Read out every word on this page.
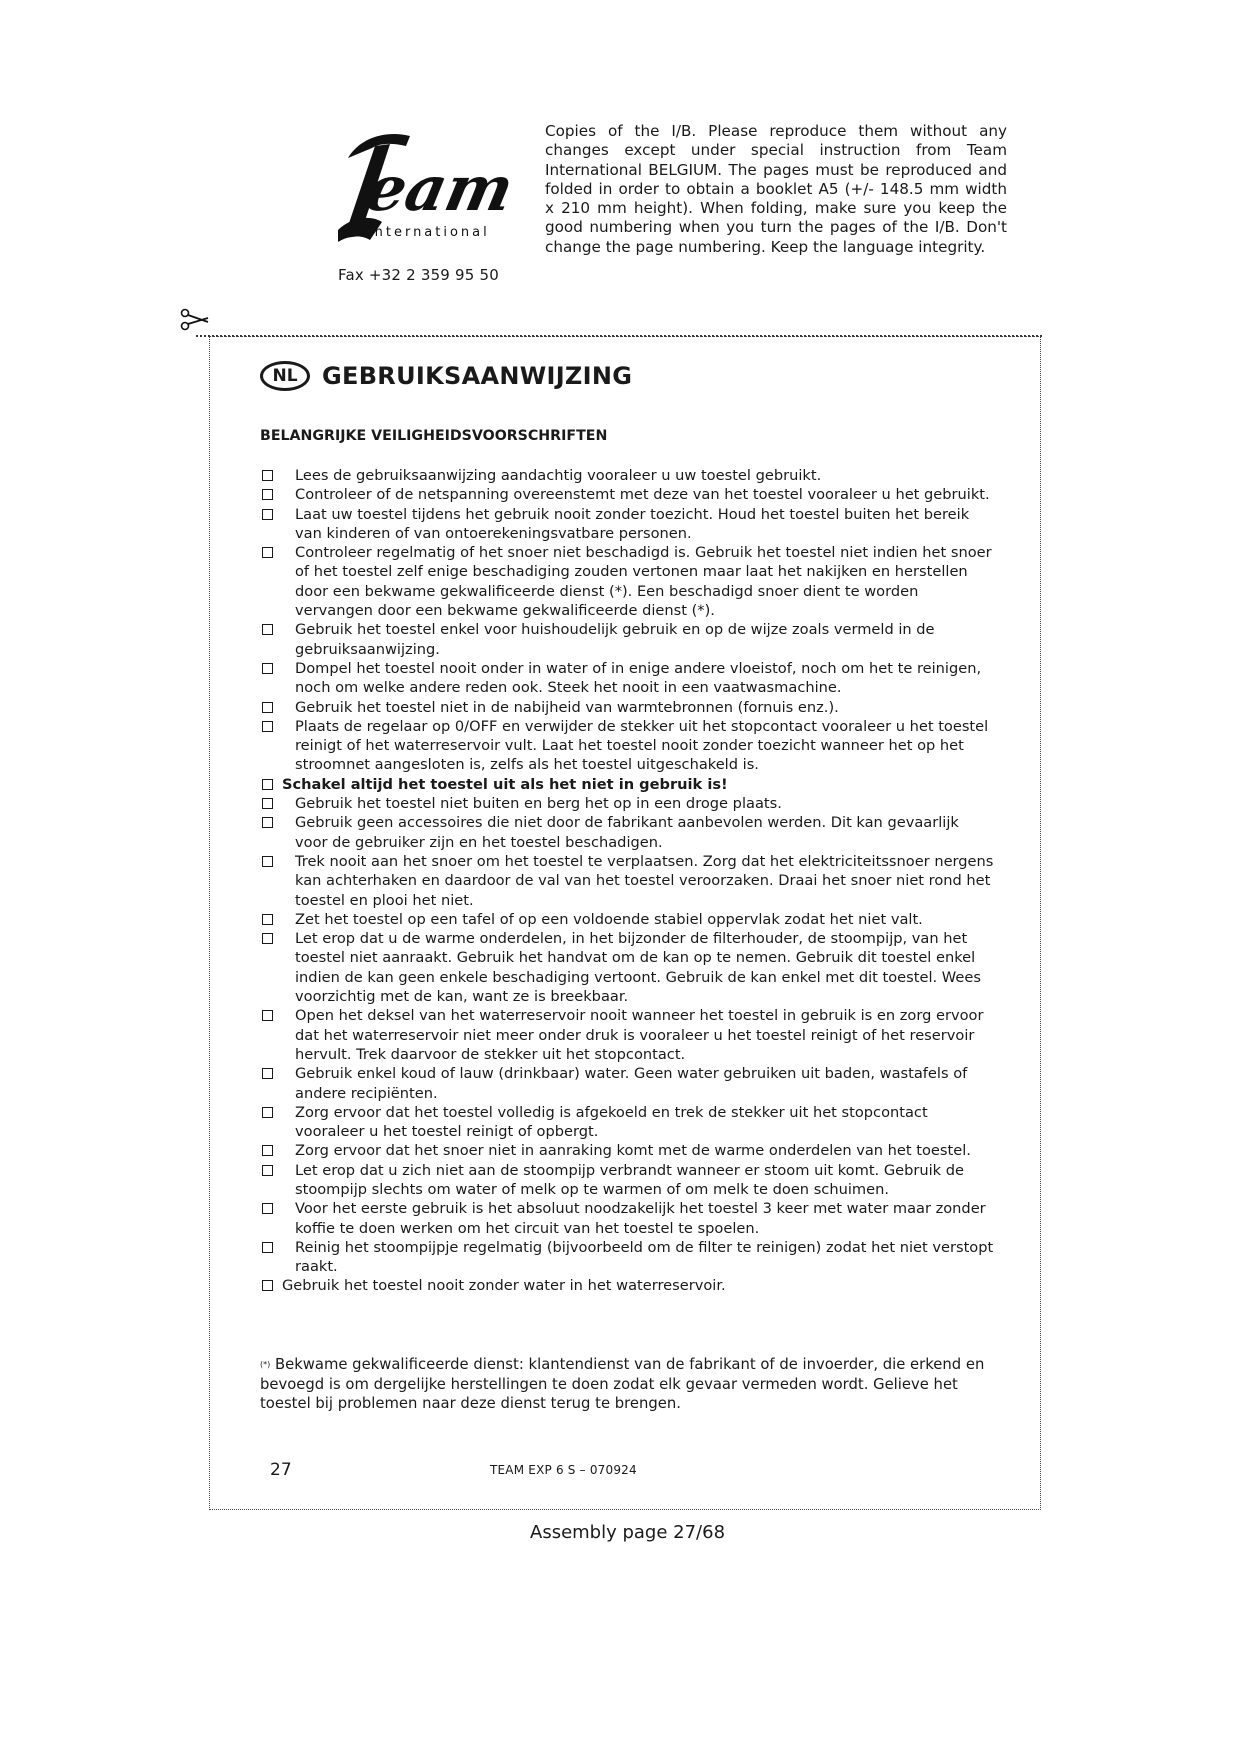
eam
international
Fax +32 2 359 95 50
Copies of the I/B. Please reproduce them without any changes except under special instruction from Team International BELGIUM. The pages must be reproduced and folded in order to obtain a booklet A5 (+/- 148.5 mm width x 210 mm height). When folding, make sure you keep the good numbering when you turn the pages of the I/B. Don't change the page numbering. Keep the language integrity.
NL	GEBRUIKSAANWIJZING
BELANGRIJKE VEILIGHEIDSVOORSCHRIFTEN
Lees de gebruiksaanwijzing aandachtig vooraleer u uw toestel gebruikt.
Controleer of de netspanning overeenstemt met deze van het toestel vooraleer u het gebruikt.
Laat uw toestel tijdens het gebruik nooit zonder toezicht. Houd het toestel buiten het bereik van kinderen of van ontoerekeningsvatbare personen.
Controleer regelmatig of het snoer niet beschadigd is. Gebruik het toestel niet indien het snoer of het toestel zelf enige beschadiging zouden vertonen maar laat het nakijken en herstellen door een bekwame gekwalificeerde dienst (*). Een beschadigd snoer dient te worden vervangen door een bekwame gekwalificeerde dienst (*).
Gebruik het toestel enkel voor huishoudelijk gebruik en op de wijze zoals vermeld in de gebruiksaanwijzing.
Dompel het toestel nooit onder in water of in enige andere vloeistof, noch om het te reinigen, noch om welke andere reden ook. Steek het nooit in een vaatwasmachine.
Gebruik het toestel niet in de nabijheid van warmtebronnen (fornuis enz.).
Plaats de regelaar op 0/OFF en verwijder de stekker uit het stopcontact vooraleer u het toestel reinigt of het waterreservoir vult. Laat het toestel nooit zonder toezicht wanneer het op het stroomnet aangesloten is, zelfs als het toestel uitgeschakeld is.
Schakel altijd het toestel uit als het niet in gebruik is!
Gebruik het toestel niet buiten en berg het op in een droge plaats.
Gebruik geen accessoires die niet door de fabrikant aanbevolen werden. Dit kan gevaarlijk voor de gebruiker zijn en het toestel beschadigen.
Trek nooit aan het snoer om het toestel te verplaatsen. Zorg dat het elektriciteitssnoer nergens kan achterhaken en daardoor de val van het toestel veroorzaken. Draai het snoer niet rond het toestel en plooi het niet.
Zet het toestel op een tafel of op een voldoende stabiel oppervlak zodat het niet valt.
Let erop dat u de warme onderdelen, in het bijzonder de filterhouder, de stoompijp, van het toestel niet aanraakt. Gebruik het handvat om de kan op te nemen. Gebruik dit toestel enkel indien de kan geen enkele beschadiging vertoont. Gebruik de kan enkel met dit toestel. Wees voorzichtig met de kan, want ze is breekbaar.
Open het deksel van het waterreservoir nooit wanneer het toestel in gebruik is en zorg ervoor dat het waterreservoir niet meer onder druk is vooraleer u het toestel reinigt of het reservoir hervult. Trek daarvoor de stekker uit het stopcontact.
Gebruik enkel koud of lauw (drinkbaar) water. Geen water gebruiken uit baden, wastafels of andere recipiënten.
Zorg ervoor dat het toestel volledig is afgekoeld en trek de stekker uit het stopcontact vooraleer u het toestel reinigt of opbergt.
Zorg ervoor dat het snoer niet in aanraking komt met de warme onderdelen van het toestel.
Let erop dat u zich niet aan de stoompijp verbrandt wanneer er stoom uit komt. Gebruik de stoompijp slechts om water of melk op te warmen of om melk te doen schuimen.
Voor het eerste gebruik is het absoluut noodzakelijk het toestel 3 keer met water maar zonder koffie te doen werken om het circuit van het toestel te spoelen.
Reinig het stoompijpje regelmatig (bijvoorbeeld om de filter te reinigen) zodat het niet verstopt raakt.
Gebruik het toestel nooit zonder water in het waterreservoir.
(*) Bekwame gekwalificeerde dienst: klantendienst van de fabrikant of de invoerder, die erkend en bevoegd is om dergelijke herstellingen te doen zodat elk gevaar vermeden wordt. Gelieve het toestel bij problemen naar deze dienst terug te brengen.
27	TEAM EXP 6 S – 070924
Assembly page 27/68
